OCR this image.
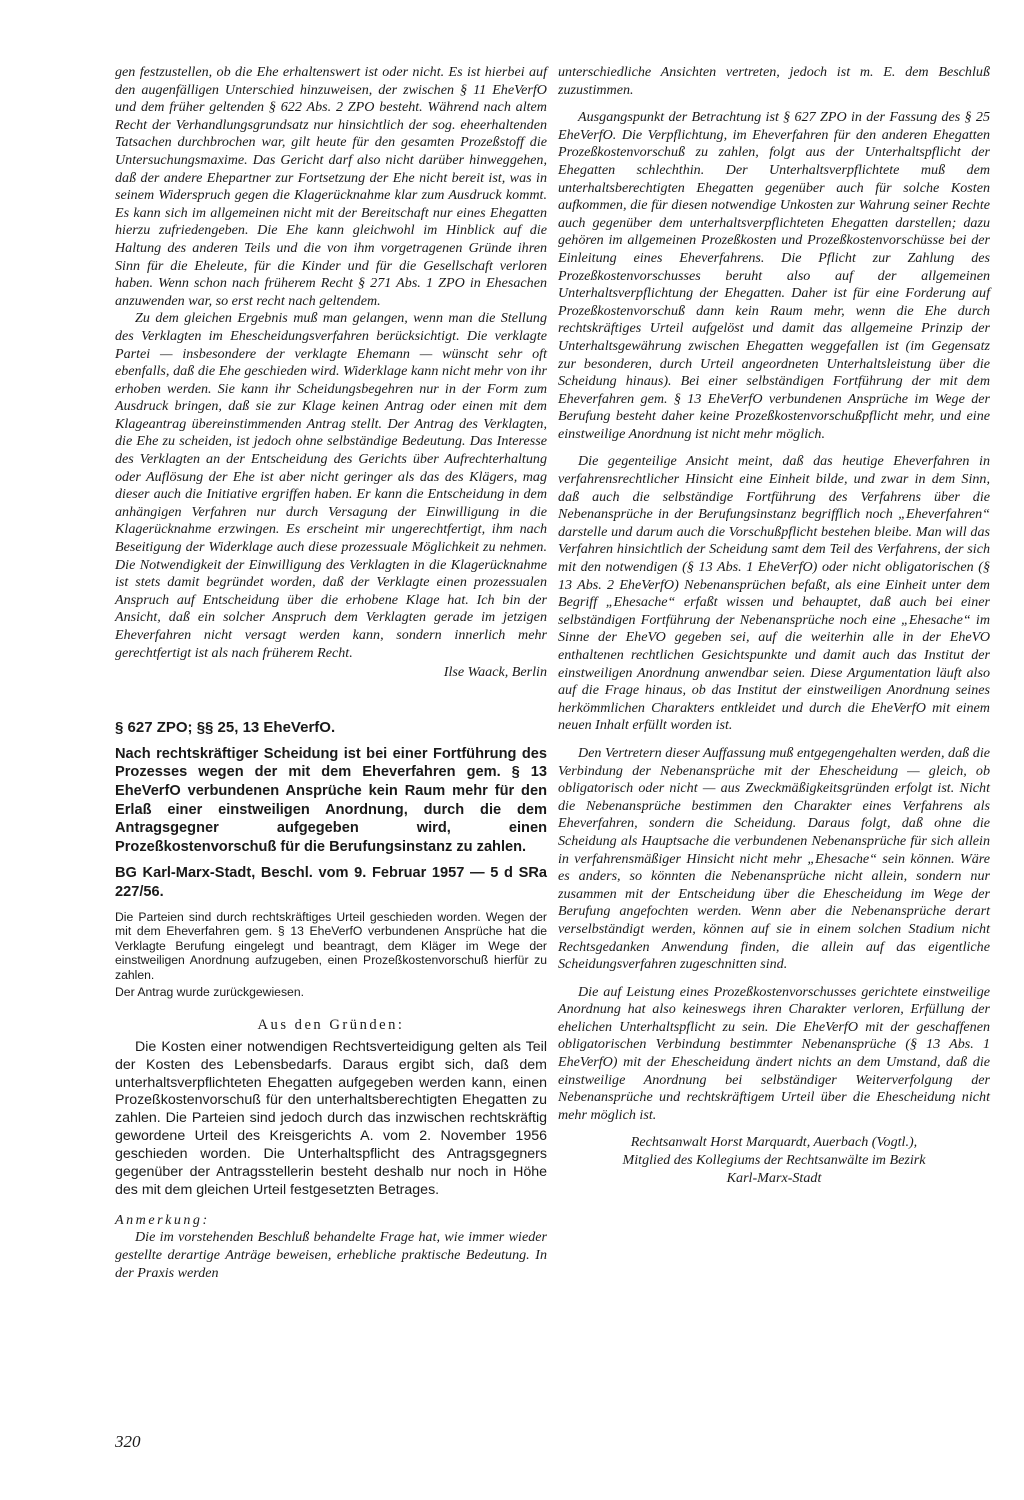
gen festzustellen, ob die Ehe erhaltenswert ist oder nicht. Es ist hierbei auf den augenfälligen Unterschied hinzuweisen, der zwischen § 11 EheVerfO und dem früher geltenden § 622 Abs. 2 ZPO besteht. Während nach altem Recht der Verhandlungsgrundsatz nur hinsichtlich der sog. eheerhaltenden Tatsachen durchbrochen war, gilt heute für den gesamten Prozeßstoff die Untersuchungsmaxime. Das Gericht darf also nicht darüber hinweggehen, daß der andere Ehepartner zur Fortsetzung der Ehe nicht bereit ist, was in seinem Widerspruch gegen die Klagerücknahme klar zum Ausdruck kommt. Es kann sich im allgemeinen nicht mit der Bereitschaft nur eines Ehegatten hierzu zufriedengeben. Die Ehe kann gleichwohl im Hinblick auf die Haltung des anderen Teils und die von ihm vorgetragenen Gründe ihren Sinn für die Eheleute, für die Kinder und für die Gesellschaft verloren haben. Wenn schon nach früherem Recht § 271 Abs. 1 ZPO in Ehesachen anzuwenden war, so erst recht nach geltendem.

Zu dem gleichen Ergebnis muß man gelangen, wenn man die Stellung des Verklagten im Ehescheidungsverfahren berücksichtigt. Die verklagte Partei — insbesondere der verklagte Ehemann — wünscht sehr oft ebenfalls, daß die Ehe geschieden wird. Widerklage kann nicht mehr von ihr erhoben werden. Sie kann ihr Scheidungsbegehren nur in der Form zum Ausdruck bringen, daß sie zur Klage keinen Antrag oder einen mit dem Klageantrag übereinstimmenden Antrag stellt. Der Antrag des Verklagten, die Ehe zu scheiden, ist jedoch ohne selbständige Bedeutung. Das Interesse des Verklagten an der Entscheidung des Gerichts über Aufrechterhaltung oder Auflösung der Ehe ist aber nicht geringer als das des Klägers, mag dieser auch die Initiative ergriffen haben. Er kann die Entscheidung in dem anhängigen Verfahren nur durch Versagung der Einwilligung in die Klagerücknahme erzwingen. Es erscheint mir ungerechtfertigt, ihm nach Beseitigung der Widerklage auch diese prozessuale Möglichkeit zu nehmen. Die Notwendigkeit der Einwilligung des Verklagten in die Klagerücknahme ist stets damit begründet worden, daß der Verklagte einen prozessualen Anspruch auf Entscheidung über die erhobene Klage hat. Ich bin der Ansicht, daß ein solcher Anspruch dem Verklagten gerade im jetzigen Eheverfahren nicht versagt werden kann, sondern innerlich mehr gerechtfertigt ist als nach früherem Recht.

Ilse Waack, Berlin

§ 627 ZPO; §§ 25, 13 EheVerfO.

Nach rechtskräftiger Scheidung ist bei einer Fortführung des Prozesses wegen der mit dem Eheverfahren gem. § 13 EheVerfO verbundenen Ansprüche kein Raum mehr für den Erlaß einer einstweiligen Anordnung, durch die dem Antragsgegner aufgegeben wird, einen Prozeßkostenvorschuß für die Berufungsinstanz zu zahlen.

BG Karl-Marx-Stadt, Beschl. vom 9. Februar 1957 — 5 d SRa 227/56.

Die Parteien sind durch rechtskräftiges Urteil geschieden worden. Wegen der mit dem Eheverfahren gem. § 13 EheVerfO verbundenen Ansprüche hat die Verklagte Berufung eingelegt und beantragt, dem Kläger im Wege der einstweiligen Anordnung aufzugeben, einen Prozeßkostenvorschuß hierfür zu zahlen.

Der Antrag wurde zurückgewiesen.

Aus den Gründen:

Die Kosten einer notwendigen Rechtsverteidigung gelten als Teil der Kosten des Lebensbedarfs. Daraus ergibt sich, daß dem unterhaltsverpflichteten Ehegatten aufgegeben werden kann, einen Prozeßkostenvorschuß für den unterhaltsberechtigten Ehegatten zu zahlen. Die Parteien sind jedoch durch das inzwischen rechtskräftig gewordene Urteil des Kreisgerichts A. vom 2. November 1956 geschieden worden. Die Unterhaltspflicht des Antragsgegners gegenüber der Antragsstellerin besteht deshalb nur noch in Höhe des mit dem gleichen Urteil festgesetzten Betrages.

Anmerkung:

Die im vorstehenden Beschluß behandelte Frage hat, wie immer wieder gestellte derartige Anträge beweisen, erhebliche praktische Bedeutung. In der Praxis werden

unterschiedliche Ansichten vertreten, jedoch ist m. E. dem Beschluß zuzustimmen.

Ausgangspunkt der Betrachtung ist § 627 ZPO in der Fassung des § 25 EheVerfO. Die Verpflichtung, im Eheverfahren für den anderen Ehegatten Prozeßkostenvorschuß zu zahlen, folgt aus der Unterhaltspflicht der Ehegatten schlechthin. Der Unterhaltsverpflichtete muß dem unterhaltsberechtigten Ehegatten gegenüber auch für solche Kosten aufkommen, die für diesen notwendige Unkosten zur Wahrung seiner Rechte auch gegenüber dem unterhaltsverpflichteten Ehegatten darstellen; dazu gehören im allgemeinen Prozeßkosten und Prozeßkostenvorschüsse bei der Einleitung eines Eheverfahrens. Die Pflicht zur Zahlung des Prozeßkostenvorschusses beruht also auf der allgemeinen Unterhaltsverpflichtung der Ehegatten. Daher ist für eine Forderung auf Prozeßkostenvorschuß dann kein Raum mehr, wenn die Ehe durch rechtskräftiges Urteil aufgelöst und damit das allgemeine Prinzip der Unterhaltsgewährung zwischen Ehegatten weggefallen ist (im Gegensatz zur besonderen, durch Urteil angeordneten Unterhaltsleistung über die Scheidung hinaus). Bei einer selbständigen Fortführung der mit dem Eheverfahren gem. § 13 EheVerfO verbundenen Ansprüche im Wege der Berufung besteht daher keine Prozeßkostenvorschußpflicht mehr, und eine einstweilige Anordnung ist nicht mehr möglich.

Die gegenteilige Ansicht meint, daß das heutige Eheverfahren in verfahrensrechtlicher Hinsicht eine Einheit bilde, und zwar in dem Sinn, daß auch die selbständige Fortführung des Verfahrens über die Nebenansprüche in der Berufungsinstanz begrifflich noch „Eheverfahren“ darstelle und darum auch die Vorschußpflicht bestehen bleibe. Man will das Verfahren hinsichtlich der Scheidung samt dem Teil des Verfahrens, der sich mit den notwendigen (§ 13 Abs. 1 EheVerfO) oder nicht obligatorischen (§ 13 Abs. 2 EheVerfO) Nebenansprüchen befaßt, als eine Einheit unter dem Begriff „Ehesache“ erfaßt wissen und behauptet, daß auch bei einer selbständigen Fortführung der Nebenansprüche noch eine „Ehesache“ im Sinne der EheVO gegeben sei, auf die weiterhin alle in der EheVO enthaltenen rechtlichen Gesichtspunkte und damit auch das Institut der einstweiligen Anordnung anwendbar seien. Diese Argumentation läuft also auf die Frage hinaus, ob das Institut der einstweiligen Anordnung seines herkömmlichen Charakters entkleidet und durch die EheVerfO mit einem neuen Inhalt erfüllt worden ist.

Den Vertretern dieser Auffassung muß entgegengehalten werden, daß die Verbindung der Nebenansprüche mit der Ehescheidung — gleich, ob obligatorisch oder nicht — aus Zweckmäßigkeitsgründen erfolgt ist. Nicht die Nebenansprüche bestimmen den Charakter eines Verfahrens als Eheverfahren, sondern die Scheidung. Daraus folgt, daß ohne die Scheidung als Hauptsache die verbundenen Nebenansprüche für sich allein in verfahrensmäßiger Hinsicht nicht mehr „Ehesache“ sein können. Wäre es anders, so könnten die Nebenansprüche nicht allein, sondern nur zusammen mit der Entscheidung über die Ehescheidung im Wege der Berufung angefochten werden. Wenn aber die Nebenansprüche derart verselbständigt werden, können auf sie in einem solchen Stadium nicht Rechtsgedanken Anwendung finden, die allein auf das eigentliche Scheidungsverfahren zugeschnitten sind.

Die auf Leistung eines Prozeßkostenvorschusses gerichtete einstweilige Anordnung hat also keineswegs ihren Charakter verloren, Erfüllung der ehelichen Unterhaltspflicht zu sein. Die EheVerfO mit der geschaffenen obligatorischen Verbindung bestimmter Nebenansprüche (§ 13 Abs. 1 EheVerfO) mit der Ehescheidung ändert nichts an dem Umstand, daß die einstweilige Anordnung bei selbständiger Weiterverfolgung der Nebenansprüche und rechtskräftigem Urteil über die Ehescheidung nicht mehr möglich ist.

Rechtsanwalt Horst Marquardt, Auerbach (Vogtl.),

Mitglied des Kollegiums der Rechtsanwälte im Bezirk

Karl-Marx-Stadt

320
